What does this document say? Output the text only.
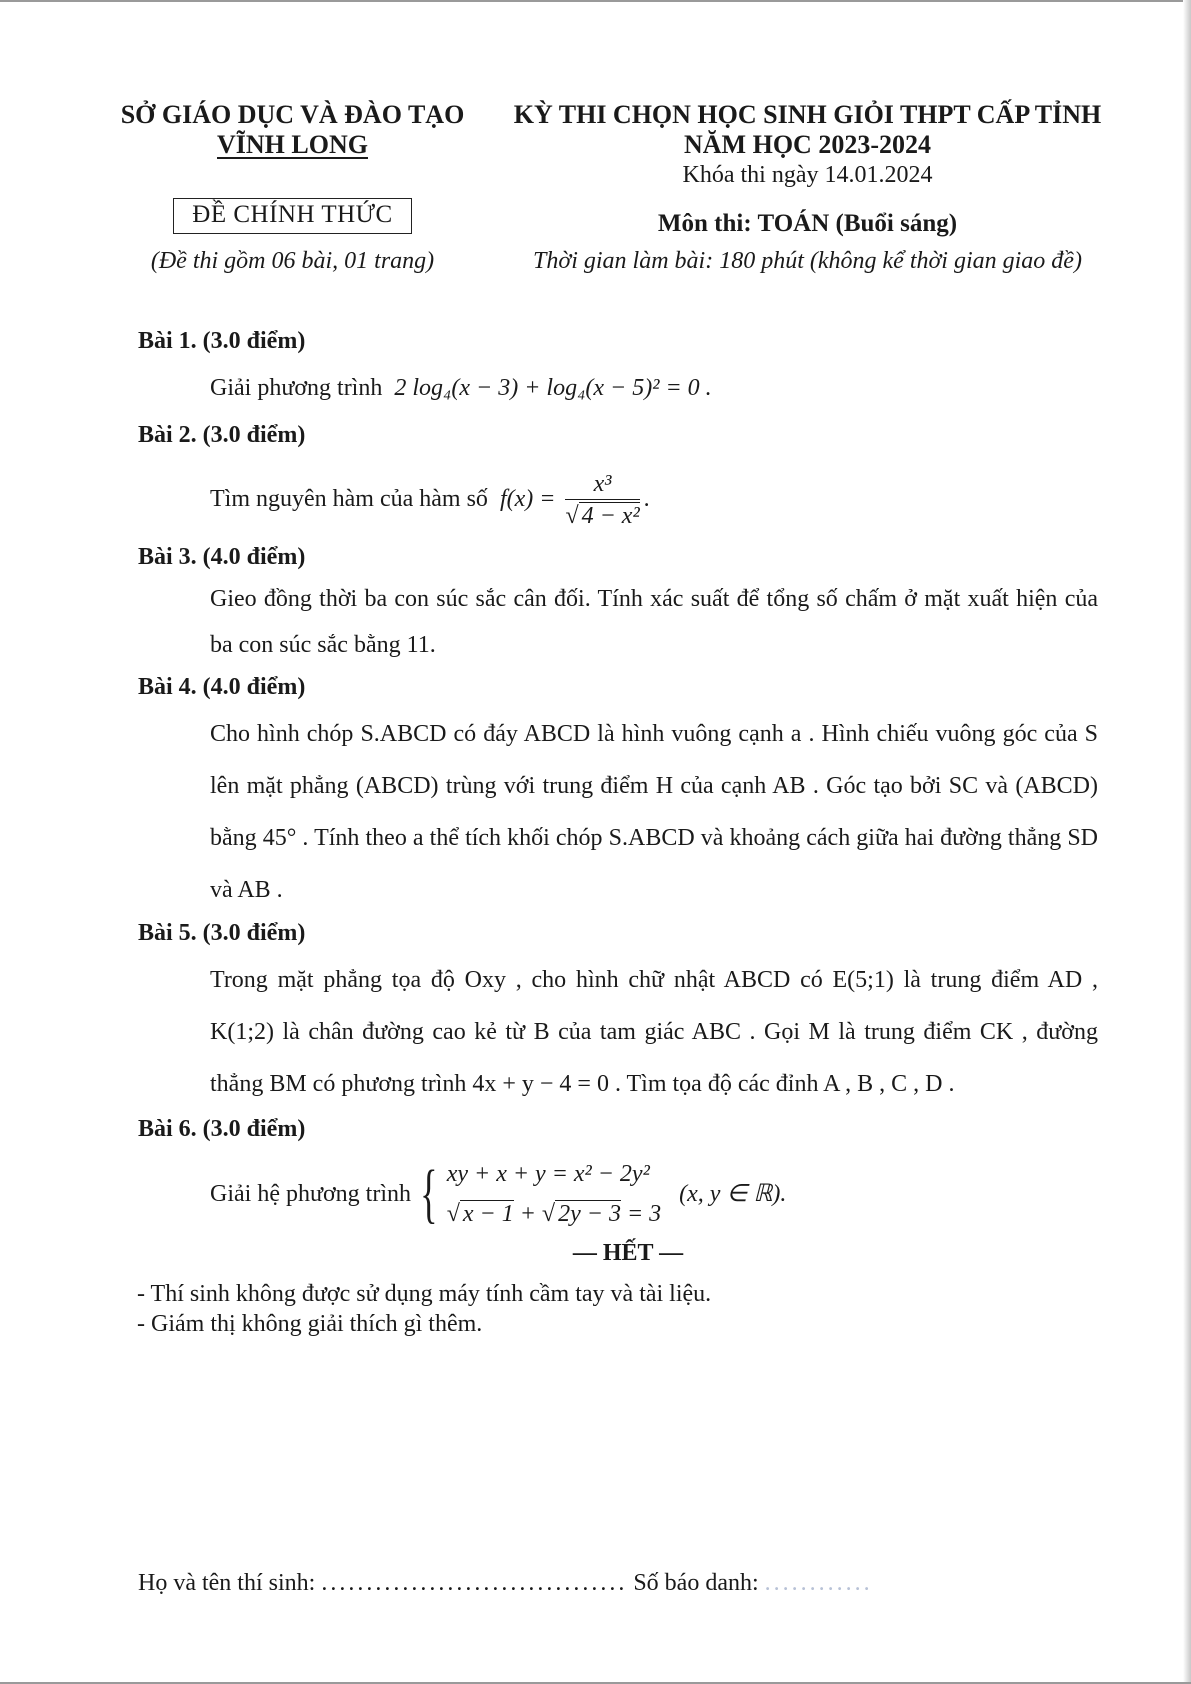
SỞ GIÁO DỤC VÀ ĐÀO TẠO

VĨNH LONG

ĐỀ CHÍNH THỨC
(Đề thi gồm 06 bài, 01 trang)

KỲ THI CHỌN HỌC SINH GIỎI THPT CẤP TỈNH

NĂM HỌC 2023-2024

Khóa thi ngày 14.01.2024
Môn thi: TOÁN (Buổi sáng)
Thời gian làm bài: 180 phút (không kể thời gian giao đề)

Bài 1. (3.0 điểm)

Giải phương trình 2 log₄(x − 3) + log₄(x − 5)² = 0 .

Bài 2. (3.0 điểm)

Tìm nguyên hàm của hàm số $f(x) = \frac{\text{x³}}{\text{√ 4 − x²}}$ .

Bài 3. (4.0 điểm)

Gieo đồng thời ba con súc sắc cân đối. Tính xác suất để tổng số chấm ở mặt xuất hiện của ba con súc sắc bằng 11.

Bài 4. (4.0 điểm)

Cho hình chóp S.ABCD có đáy ABCD là hình vuông cạnh a . Hình chiếu vuông góc của S lên mặt phẳng (ABCD) trùng với trung điểm H của cạnh AB . Góc tạo bởi SC và (ABCD) bằng 45° . Tính theo a thể tích khối chóp S.ABCD và khoảng cách giữa hai đường thẳng SD và AB .

Bài 5. (3.0 điểm)

Trong mặt phẳng tọa độ Oxy , cho hình chữ nhật ABCD có E(5;1) là trung điểm AD , K(1;2) là chân đường cao kẻ từ B của tam giác ABC . Gọi M là trung điểm CK , đường thẳng BM có phương trình 4x + y − 4 = 0 . Tìm tọa độ các đỉnh A , B , C , D .

Bài 6. (3.0 điểm)

Giải hệ phương trình { xy + x + y = x² − 2y²
√ x − 1 + √ 2y − 3 = 3
(x, y ∈ ℝ).

— HẾT —

- Thí sinh không được sử dụng máy tính cầm tay và tài liệu.

- Giám thị không giải thích gì thêm.

Họ và tên thí sinh: .................................. Số báo danh: ............
